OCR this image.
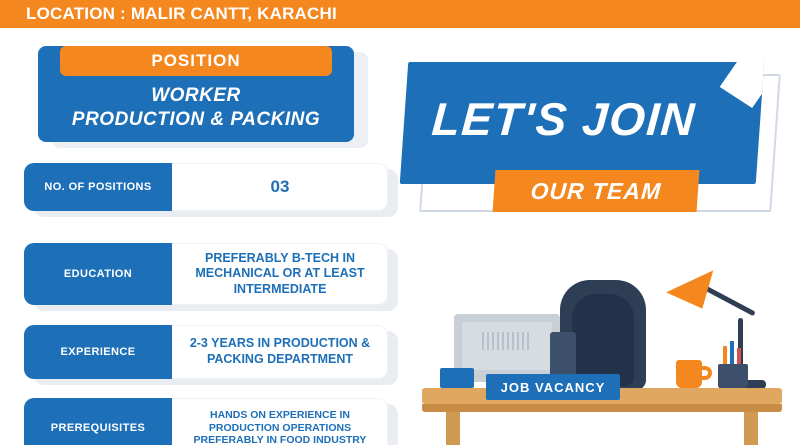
LOCATION : MALIR CANTT, KARACHI
POSITION
WORKER
PRODUCTION & PACKING
NO. OF POSITIONS	03
EDUCATION
PREFERABLY B-TECH IN MECHANICAL OR AT LEAST INTERMEDIATE
EXPERIENCE
2-3 YEARS IN PRODUCTION & PACKING DEPARTMENT
PREREQUISITES
HANDS ON EXPERIENCE IN PRODUCTION OPERATIONS PREFERABLY IN FOOD INDUSTRY
LET'S JOIN
OUR TEAM
JOB VACANCY
